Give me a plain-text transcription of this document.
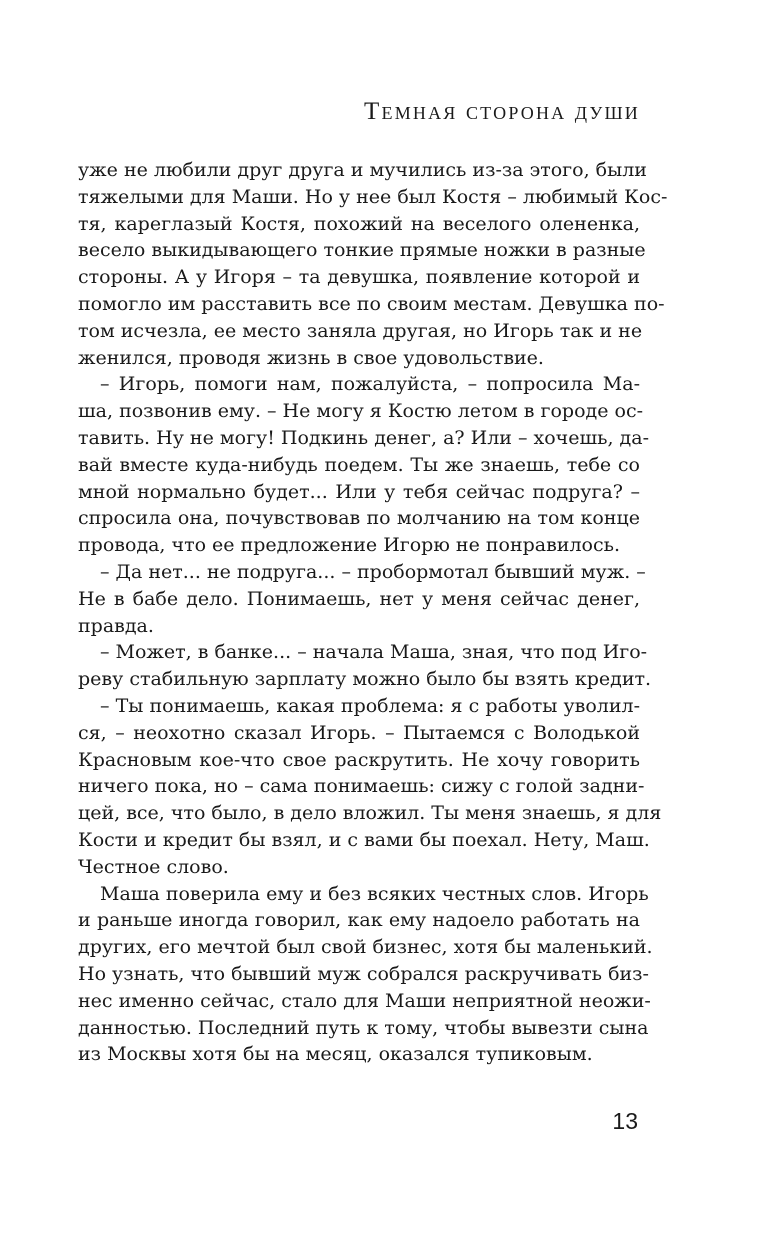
Темная сторона души
уже не любили друг друга и мучились из-за этого, были
тяжелыми для Маши. Но у нее был Костя – любимый Кос-
тя, кареглазый Костя, похожий на веселого олененка,
весело выкидывающего тонкие прямые ножки в разные
стороны. А у Игоря – та девушка, появление которой и
помогло им расставить все по своим местам. Девушка по-
том исчезла, ее место заняла другая, но Игорь так и не
женился, проводя жизнь в свое удовольствие.
– Игорь, помоги нам, пожалуйста, – попросила Ма-
ша, позвонив ему. – Не могу я Костю летом в городе ос-
тавить. Ну не могу! Подкинь денег, а? Или – хочешь, да-
вай вместе куда-нибудь поедем. Ты же знаешь, тебе со
мной нормально будет... Или у тебя сейчас подруга? –
спросила она, почувствовав по молчанию на том конце
провода, что ее предложение Игорю не понравилось.
– Да нет... не подруга... – пробормотал бывший муж. –
Не в бабе дело. Понимаешь, нет у меня сейчас денег,
правда.
– Может, в банке... – начала Маша, зная, что под Иго-
реву стабильную зарплату можно было бы взять кредит.
– Ты понимаешь, какая проблема: я с работы уволил-
ся, – неохотно сказал Игорь. – Пытаемся с Володькой
Красновым кое-что свое раскрутить. Не хочу говорить
ничего пока, но – сама понимаешь: сижу с голой задни-
цей, все, что было, в дело вложил. Ты меня знаешь, я для
Кости и кредит бы взял, и с вами бы поехал. Нету, Маш.
Честное слово.
Маша поверила ему и без всяких честных слов. Игорь
и раньше иногда говорил, как ему надоело работать на
других, его мечтой был свой бизнес, хотя бы маленький.
Но узнать, что бывший муж собрался раскручивать биз-
нес именно сейчас, стало для Маши неприятной неожи-
данностью. Последний путь к тому, чтобы вывезти сына
из Москвы хотя бы на месяц, оказался тупиковым.
13
